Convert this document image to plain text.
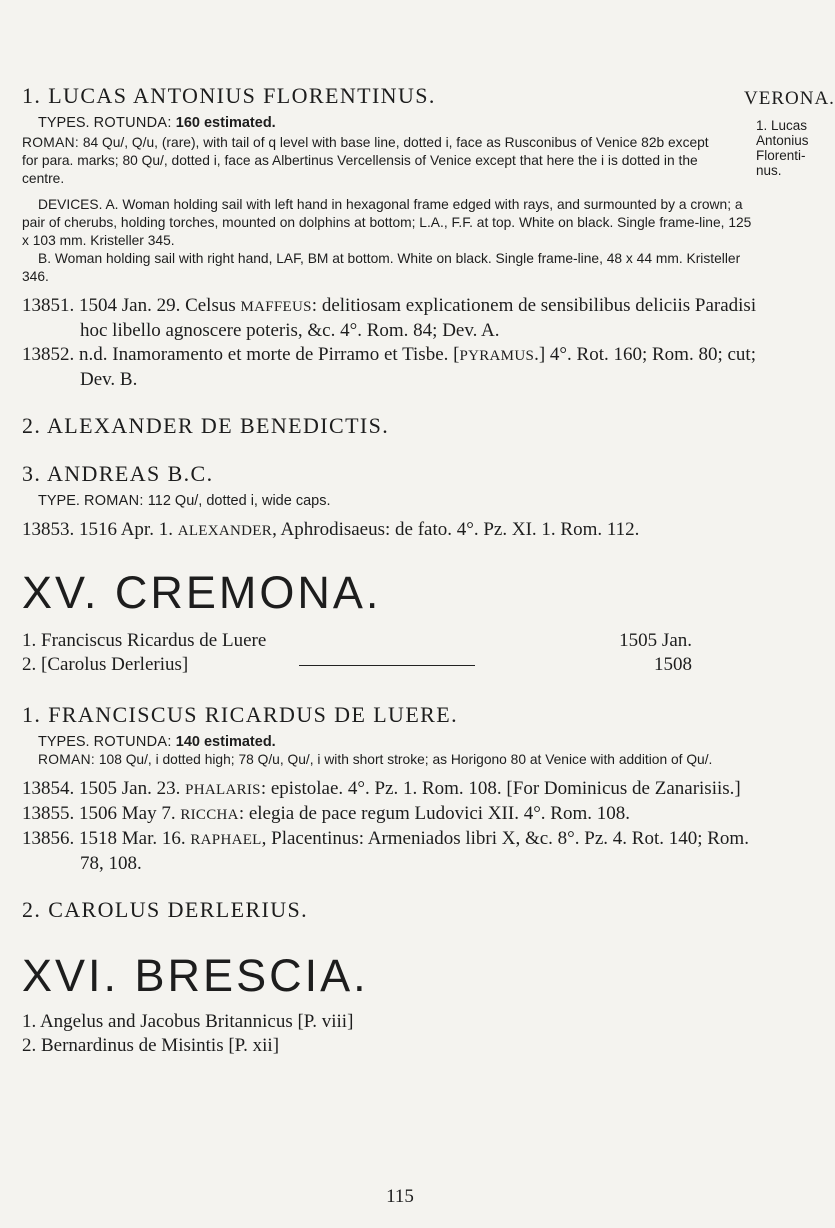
VERONA.
1. Lucas Antonius Florenti-nus.
1. LUCAS ANTONIUS FLORENTINUS.
TYPES. ROTUNDA: 160 estimated.
ROMAN: 84 Qu/, Q/u, (rare), with tail of q level with base line, dotted i, face as Rusconibus of Venice 82b except for para. marks; 80 Qu/, dotted i, face as Albertinus Vercellensis of Venice except that here the i is dotted in the centre.
DEVICES. A. Woman holding sail with left hand in hexagonal frame edged with rays, and surmounted by a crown; a pair of cherubs, holding torches, mounted on dolphins at bottom; L.A., F.F. at top. White on black. Single frame-line, 125 x 103 mm. Kristeller 345.
B. Woman holding sail with right hand, LAF, BM at bottom. White on black. Single frame-line, 48 x 44 mm. Kristeller 346.
13851. 1504 Jan. 29. Celsus MAFFEUS: delitiosam explicationem de sensibilibus deliciis Paradisi hoc libello agnoscere poteris, &c. 4°. Rom. 84; Dev. A.
13852. n.d. Inamoramento et morte de Pirramo et Tisbe. [PYRAMUS.] 4°. Rot. 160; Rom. 80; cut; Dev. B.
2. ALEXANDER DE BENEDICTIS.
3. ANDREAS B.C.
TYPE. ROMAN: 112 Qu/, dotted i, wide caps.
13853. 1516 Apr. 1. ALEXANDER, Aphrodisaeus: de fato. 4°. Pz. XI. 1. Rom. 112.
XV. CREMONA.
1. Franciscus Ricardus de Luere	1505 Jan.
2. [Carolus Derlerius]	1508
1. FRANCISCUS RICARDUS DE LUERE.
TYPES. ROTUNDA: 140 estimated.
ROMAN: 108 Qu/, i dotted high; 78 Q/u, Qu/, i with short stroke; as Horigono 80 at Venice with addition of Qu/.
13854. 1505 Jan. 23. PHALARIS: epistolae. 4°. Pz. 1. Rom. 108. [For Dominicus de Zanarisiis.]
13855. 1506 May 7. RICCHA: elegia de pace regum Ludovici XII. 4°. Rom. 108.
13856. 1518 Mar. 16. RAPHAEL, Placentinus: Armeniados libri X, &c. 8°. Pz. 4. Rot. 140; Rom. 78, 108.
2. CAROLUS DERLERIUS.
XVI. BRESCIA.
1. Angelus and Jacobus Britannicus [P. viii]
2. Bernardinus de Misintis [P. xii]
115
